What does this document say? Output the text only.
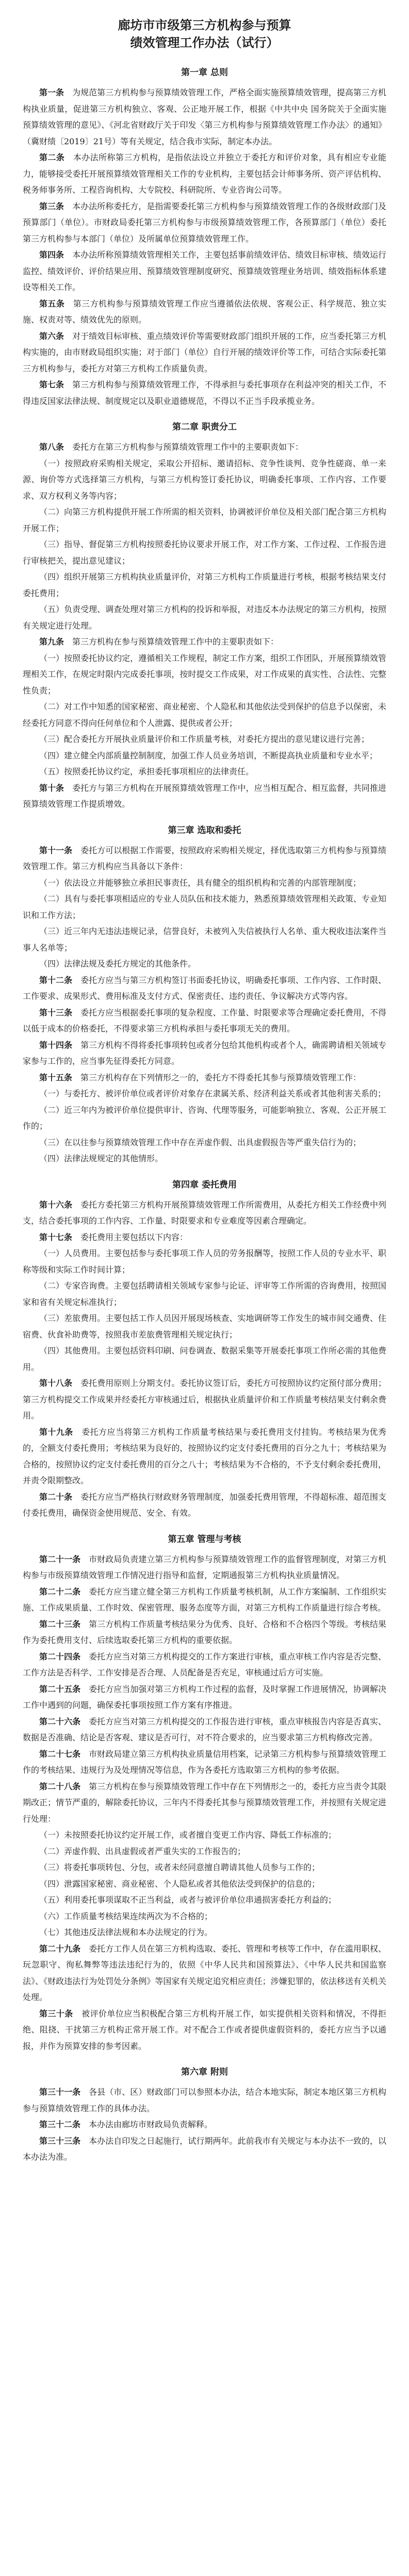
廊坊市市级第三方机构参与预算
绩效管理工作办法（试行）
第一章 总则

第一条　 为规范第三方机构参与预算绩效管理工作，严格全面实施预算绩效管理，提高第三方机构执业质量，促进第三方机构独立、客观、公正地开展工作，根据《中共中央 国务院关于全面实施预算绩效管理的意见》、《河北省财政厅关于印发〈第三方机构参与预算绩效管理工作办法〉的通知》（冀财绩〔2019〕21号）等有关规定，结合我市实际，制定本办法。

第二条　 本办法所称第三方机构，是指依法设立并独立于委托方和评价对象，具有相应专业能力，能够接受委托开展预算绩效管理相关工作的专业机构，主要包括会计师事务所、资产评估机构、税务师事务所、工程咨询机构、大专院校、科研院所、专业咨询公司等。

第三条　 本办法所称委托方，是指需要委托第三方机构参与预算绩效管理工作的各级财政部门及预算部门（单位）。市财政局委托第三方机构参与市级预算绩效管理工作，各预算部门（单位）委托第三方机构参与本部门（单位）及所属单位预算绩效管理工作。

第四条　 本办法所称预算绩效管理相关工作，主要包括事前绩效评估、绩效目标审核、绩效运行监控、绩效评价、评价结果应用、预算绩效管理制度研究、预算绩效管理业务培训、绩效指标体系建设等相关工作。

第五条　 第三方机构参与预算绩效管理工作应当遵循依法依规、客观公正、科学规范、独立实施、权责对等、绩效优先的原则。

第六条　 对于绩效目标审核、重点绩效评价等需要财政部门组织开展的工作，应当委托第三方机构实施的，由市财政局组织实施；对于部门（单位）自行开展的绩效评价等工作，可结合实际委托第三方机构参与，委托方对第三方机构工作质量负责。

第七条　 第三方机构参与预算绩效管理工作，不得承担与委托事项存在利益冲突的相关工作，不得违反国家法律法规、制度规定以及职业道德规范，不得以不正当手段承揽业务。

第二章 职责分工

第八条　 委托方在第三方机构参与预算绩效管理工作中的主要职责如下：

（一）按照政府采购相关规定，采取公开招标、邀请招标、竞争性谈判、竞争性磋商、单一来源、询价等方式选择第三方机构，与第三方机构签订委托协议，明确委托事项、工作内容、工作要求、双方权利义务等内容；

（二）向第三方机构提供开展工作所需的相关资料，协调被评价单位及相关部门配合第三方机构开展工作；

（三）指导、督促第三方机构按照委托协议要求开展工作，对工作方案、工作过程、工作报告进行审核把关，提出意见建议；

（四）组织开展第三方机构执业质量评价，对第三方机构工作质量进行考核，根据考核结果支付委托费用；

（五）负责受理、调查处理对第三方机构的投诉和举报，对违反本办法规定的第三方机构，按照有关规定进行处理。

第九条　 第三方机构在参与预算绩效管理工作中的主要职责如下：

（一）按照委托协议约定，遵循相关工作规程，制定工作方案，组织工作团队，开展预算绩效管理相关工作，在规定时限内完成委托事项，按时提交工作成果，对工作成果的真实性、合法性、完整性负责；

（二）对工作中知悉的国家秘密、商业秘密、个人隐私和其他依法受到保护的信息予以保密，未经委托方同意不得向任何单位和个人泄露、提供或者公开；

（三）配合委托方开展执业质量评价和工作质量考核，对委托方提出的意见建议进行完善；

（四）建立健全内部质量控制制度，加强工作人员业务培训，不断提高执业质量和专业水平；

（五）按照委托协议约定，承担委托事项相应的法律责任。

第十条　 委托方与第三方机构在开展预算绩效管理工作中，应当相互配合、相互监督，共同推进预算绩效管理工作提质增效。

第三章 选取和委托

第十一条　 委托方可以根据工作需要，按照政府采购相关规定，择优选取第三方机构参与预算绩效管理工作。第三方机构应当具备以下条件：

（一）依法设立并能够独立承担民事责任，具有健全的组织机构和完善的内部管理制度；

（二）具有与委托事项相适应的专业人员队伍和技术能力，熟悉预算绩效管理相关政策、专业知识和工作方法；

（三）近三年内无违法违规记录，信誉良好，未被列入失信被执行人名单、重大税收违法案件当事人名单等；

（四）法律法规及委托方规定的其他条件。

第十二条　 委托方应当与第三方机构签订书面委托协议，明确委托事项、工作内容、工作时限、工作要求、成果形式、费用标准及支付方式、保密责任、违约责任、争议解决方式等内容。

第十三条　 委托方应当根据委托事项的复杂程度、工作量、时限要求等合理确定委托费用，不得以低于成本的价格委托，不得要求第三方机构承担与委托事项无关的费用。

第十四条　 第三方机构不得将委托事项转包或者分包给其他机构或者个人，确需聘请相关领域专家参与工作的，应当事先征得委托方同意。

第十五条　 第三方机构存在下列情形之一的，委托方不得委托其参与预算绩效管理工作：

（一）与委托方、被评价单位或者评价对象存在隶属关系、经济利益关系或者其他利害关系的；

（二）近三年内为被评价单位提供审计、咨询、代理等服务，可能影响独立、客观、公正开展工作的；

（三）在以往参与预算绩效管理工作中存在弄虚作假、出具虚假报告等严重失信行为的；

（四）法律法规规定的其他情形。

第四章 委托费用

第十六条　 委托方委托第三方机构开展预算绩效管理工作所需费用，从委托方相关工作经费中列支，结合委托事项的工作内容、工作量、时限要求和专业难度等因素合理确定。

第十七条　 委托费用主要包括以下内容：

（一）人员费用。主要包括参与委托事项工作人员的劳务报酬等，按照工作人员的专业水平、职称等级和实际工作时间计算；

（二）专家咨询费。主要包括聘请相关领域专家参与论证、评审等工作所需的咨询费用，按照国家和省有关规定标准执行；

（三）差旅费用。主要包括工作人员因开展现场核查、实地调研等工作发生的城市间交通费、住宿费、伙食补助费等，按照我市差旅费管理相关规定执行；

（四）其他费用。主要包括资料印刷、问卷调查、数据采集等开展委托事项工作所必需的其他费用。

第十八条　 委托费用原则上分期支付。委托协议签订后，委托方可按照协议约定预付部分费用；第三方机构提交工作成果并经委托方审核通过后，根据执业质量评价和工作质量考核结果支付剩余费用。

第十九条　 委托方应当将第三方机构工作质量考核结果与委托费用支付挂钩。考核结果为优秀的，全额支付委托费用；考核结果为良好的，按照协议约定支付委托费用的百分之九十；考核结果为合格的，按照协议约定支付委托费用的百分之八十；考核结果为不合格的，不予支付剩余委托费用，并责令限期整改。

第二十条　 委托方应当严格执行财政财务管理制度，加强委托费用管理，不得超标准、超范围支付委托费用，确保资金使用规范、安全、有效。

第五章 管理与考核

第二十一条　 市财政局负责建立第三方机构参与预算绩效管理工作的监督管理制度，对第三方机构参与市级预算绩效管理工作情况进行指导和监督，定期通报第三方机构执业质量情况。

第二十二条　 委托方应当建立健全第三方机构工作质量考核机制，从工作方案编制、工作组织实施、工作成果质量、工作时效、保密管理、服务态度等方面，对第三方机构工作质量进行综合考核。

第二十三条　 第三方机构工作质量考核结果分为优秀、良好、合格和不合格四个等级。考核结果作为委托费用支付、后续选取委托第三方机构的重要依据。

第二十四条　 委托方应当对第三方机构提交的工作方案进行审核，重点审核工作内容是否完整、工作方法是否科学、工作安排是否合理、人员配备是否充足，审核通过后方可实施。

第二十五条　 委托方应当加强对第三方机构工作过程的监督，及时掌握工作进展情况，协调解决工作中遇到的问题，确保委托事项按照工作方案有序推进。

第二十六条　 委托方应当对第三方机构提交的工作报告进行审核，重点审核报告内容是否真实、数据是否准确、结论是否客观、建议是否可行，对不符合要求的，应当要求第三方机构修改完善。

第二十七条　 市财政局建立第三方机构执业质量信用档案，记录第三方机构参与预算绩效管理工作的考核结果、违规行为及处理情况等信息，作为各委托方选取第三方机构的参考依据。

第二十八条　 第三方机构在参与预算绩效管理工作中存在下列情形之一的，委托方应当责令其限期改正；情节严重的，解除委托协议，三年内不得委托其参与预算绩效管理工作，并按照有关规定进行处理：

（一）未按照委托协议约定开展工作，或者擅自变更工作内容、降低工作标准的；

（二）弄虚作假、出具虚假或者严重失实的工作报告的；

（三）将委托事项转包、分包，或者未经同意擅自聘请其他人员参与工作的；

（四）泄露国家秘密、商业秘密、个人隐私或者其他依法受到保护的信息的；

（五）利用委托事项谋取不正当利益，或者与被评价单位串通损害委托方利益的；

（六）工作质量考核结果连续两次为不合格的；

（七）其他违反法律法规和本办法规定的行为。

第二十九条　 委托方工作人员在第三方机构选取、委托、管理和考核等工作中，存在滥用职权、玩忽职守、徇私舞弊等违法违纪行为的，依照《中华人民共和国预算法》、《中华人民共和国监察法》、《财政违法行为处罚处分条例》等国家有关规定追究相应责任；涉嫌犯罪的，依法移送有关机关处理。

第三十条　 被评价单位应当积极配合第三方机构开展工作，如实提供相关资料和情况，不得拒绝、阻挠、干扰第三方机构正常开展工作。对不配合工作或者提供虚假资料的，委托方应当予以通报，并作为预算安排的参考因素。

第六章 附则

第三十一条　 各县（市、区）财政部门可以参照本办法，结合本地实际，制定本地区第三方机构参与预算绩效管理工作的具体办法。

第三十二条　 本办法由廊坊市财政局负责解释。

第三十三条　 本办法自印发之日起施行，试行期两年。此前我市有关规定与本办法不一致的，以本办法为准。
